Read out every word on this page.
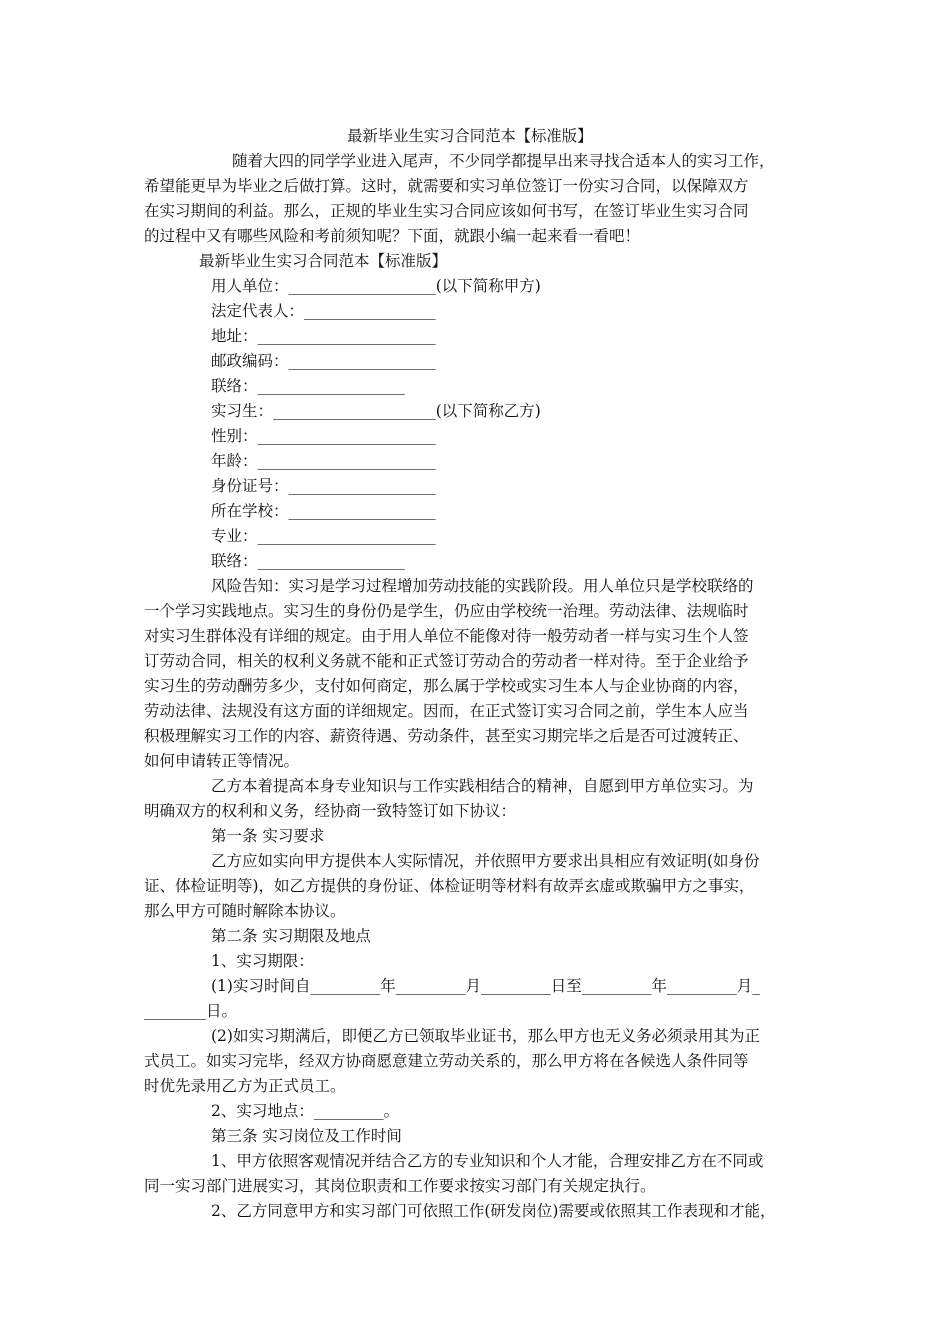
最新毕业生实习合同范本【标准版】
随着大四的同学学业进入尾声，不少同学都提早出来寻找合适本人的实习工作，
希望能更早为毕业之后做打算。这时，就需要和实习单位签订一份实习合同，以保障双方
在实习期间的利益。那么，正规的毕业生实习合同应该如何书写，在签订毕业生实习合同
的过程中又有哪些风险和考前须知呢？下面，就跟小编一起来看一看吧！
最新毕业生实习合同范本【标准版】
用人单位：___________________(以下简称甲方)
法定代表人：_________________
地址：_______________________
邮政编码：___________________
联络：___________________
实习生：_____________________(以下简称乙方)
性别：_______________________
年龄：_______________________
身份证号：___________________
所在学校：___________________
专业：_______________________
联络：___________________
风险告知：实习是学习过程增加劳动技能的实践阶段。用人单位只是学校联络的
一个学习实践地点。实习生的身份仍是学生，仍应由学校统一治理。劳动法律、法规临时
对实习生群体没有详细的规定。由于用人单位不能像对待一般劳动者一样与实习生个人签
订劳动合同，相关的权利义务就不能和正式签订劳动合的劳动者一样对待。至于企业给予
实习生的劳动酬劳多少，支付如何商定，那么属于学校或实习生本人与企业协商的内容，
劳动法律、法规没有这方面的详细规定。因而，在正式签订实习合同之前，学生本人应当
积极理解实习工作的内容、薪资待遇、劳动条件，甚至实习期完毕之后是否可过渡转正、
如何申请转正等情况。
乙方本着提高本身专业知识与工作实践相结合的精神，自愿到甲方单位实习。为
明确双方的权利和义务，经协商一致特签订如下协议：
第一条 实习要求
乙方应如实向甲方提供本人实际情况，并依照甲方要求出具相应有效证明(如身份
证、体检证明等)，如乙方提供的身份证、体检证明等材料有故弄玄虚或欺骗甲方之事实，
那么甲方可随时解除本协议。
第二条 实习期限及地点
1、实习期限：
(1)实习时间自_________年_________月_________日至_________年_________月_
________日。
(2)如实习期满后，即便乙方已领取毕业证书，那么甲方也无义务必须录用其为正
式员工。如实习完毕，经双方协商愿意建立劳动关系的，那么甲方将在各候选人条件同等
时优先录用乙方为正式员工。
2、实习地点：_________。
第三条 实习岗位及工作时间
1、甲方依照客观情况并结合乙方的专业知识和个人才能，合理安排乙方在不同或
同一实习部门进展实习，其岗位职责和工作要求按实习部门有关规定执行。
2、乙方同意甲方和实习部门可依照工作(研发岗位)需要或依照其工作表现和才能，
